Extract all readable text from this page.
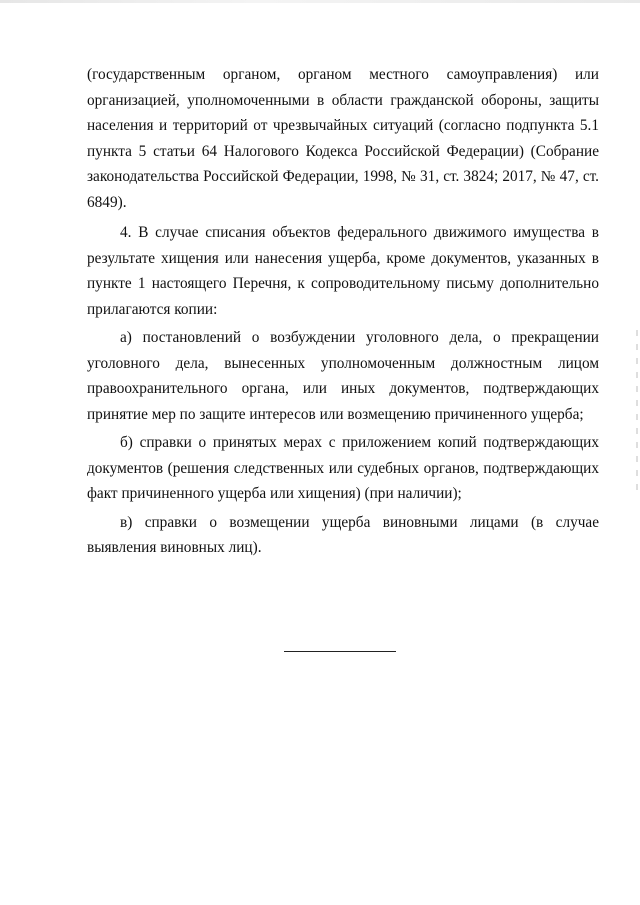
(государственным органом, органом местного самоуправления) или организацией, уполномоченными в области гражданской обороны, защиты населения и территорий от чрезвычайных ситуаций (согласно подпункта 5.1 пункта 5 статьи 64 Налогового Кодекса Российской Федерации) (Собрание законодательства Российской Федерации, 1998, № 31, ст. 3824; 2017, № 47, ст. 6849).

4. В случае списания объектов федерального движимого имущества в результате хищения или нанесения ущерба, кроме документов, указанных в пункте 1 настоящего Перечня, к сопроводительному письму дополнительно прилагаются копии:

а) постановлений о возбуждении уголовного дела, о прекращении уголовного дела, вынесенных уполномоченным должностным лицом правоохранительного органа, или иных документов, подтверждающих принятие мер по защите интересов или возмещению причиненного ущерба;

б) справки о принятых мерах с приложением копий подтверждающих документов (решения следственных или судебных органов, подтверждающих факт причиненного ущерба или хищения) (при наличии);

в) справки о возмещении ущерба виновными лицами (в случае выявления виновных лиц).
